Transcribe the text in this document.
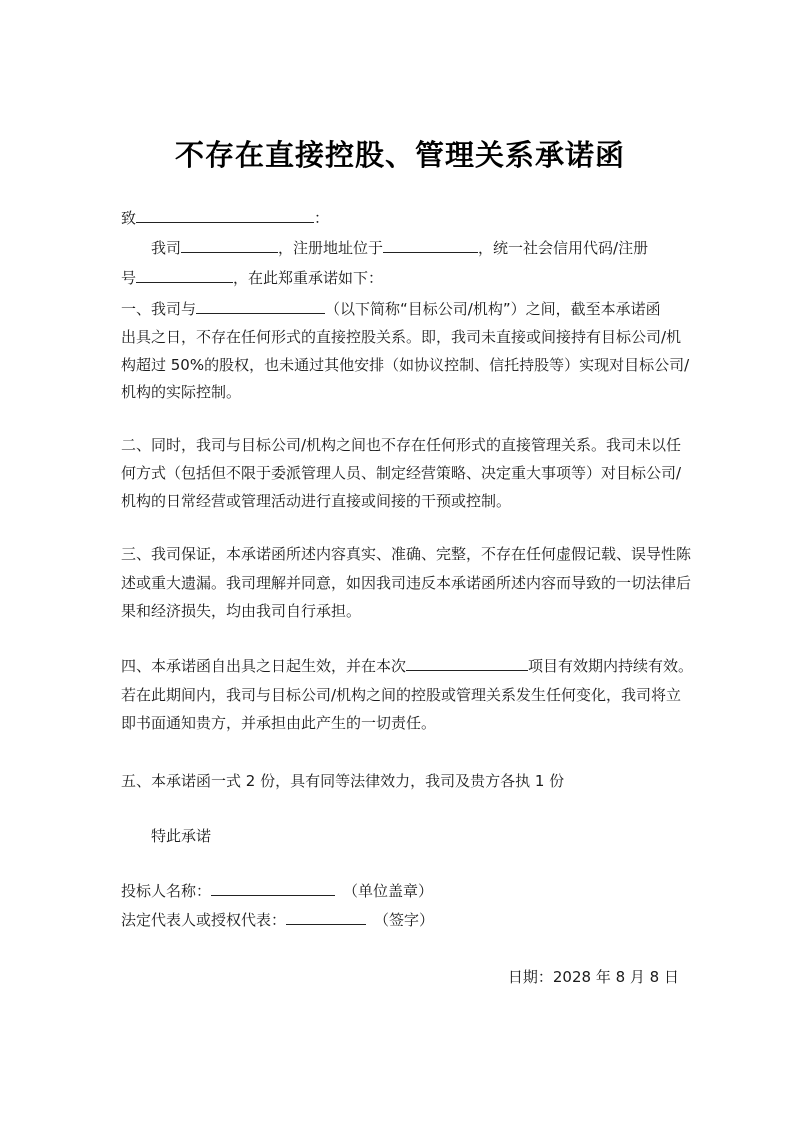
不存在直接控股、管理关系承诺函
致	：
我司	，注册地址位于	，统一社会信用代码/注册
号	，在此郑重承诺如下：
一、我司与	（以下简称“目标公司/机构”）之间，截至本承诺函
出具之日，不存在任何形式的直接控股关系。即，我司未直接或间接持有目标公司/机
构超过 50%的股权，也未通过其他安排（如协议控制、信托持股等）实现对目标公司/
机构的实际控制。
二、同时，我司与目标公司/机构之间也不存在任何形式的直接管理关系。我司未以任
何方式（包括但不限于委派管理人员、制定经营策略、决定重大事项等）对目标公司/
机构的日常经营或管理活动进行直接或间接的干预或控制。
三、我司保证，本承诺函所述内容真实、准确、完整，不存在任何虚假记载、误导性陈
述或重大遗漏。我司理解并同意，如因我司违反本承诺函所述内容而导致的一切法律后
果和经济损失，均由我司自行承担。
四、本承诺函自出具之日起生效，并在本次	项目有效期内持续有效。
若在此期间内，我司与目标公司/机构之间的控股或管理关系发生任何变化，我司将立
即书面通知贵方，并承担由此产生的一切责任。
五、本承诺函一式 2 份，具有同等法律效力，我司及贵方各执 1 份
特此承诺
投标人名称：	（单位盖章）
法定代表人或授权代表：	（签字）
日期：2028 年 8 月 8 日
